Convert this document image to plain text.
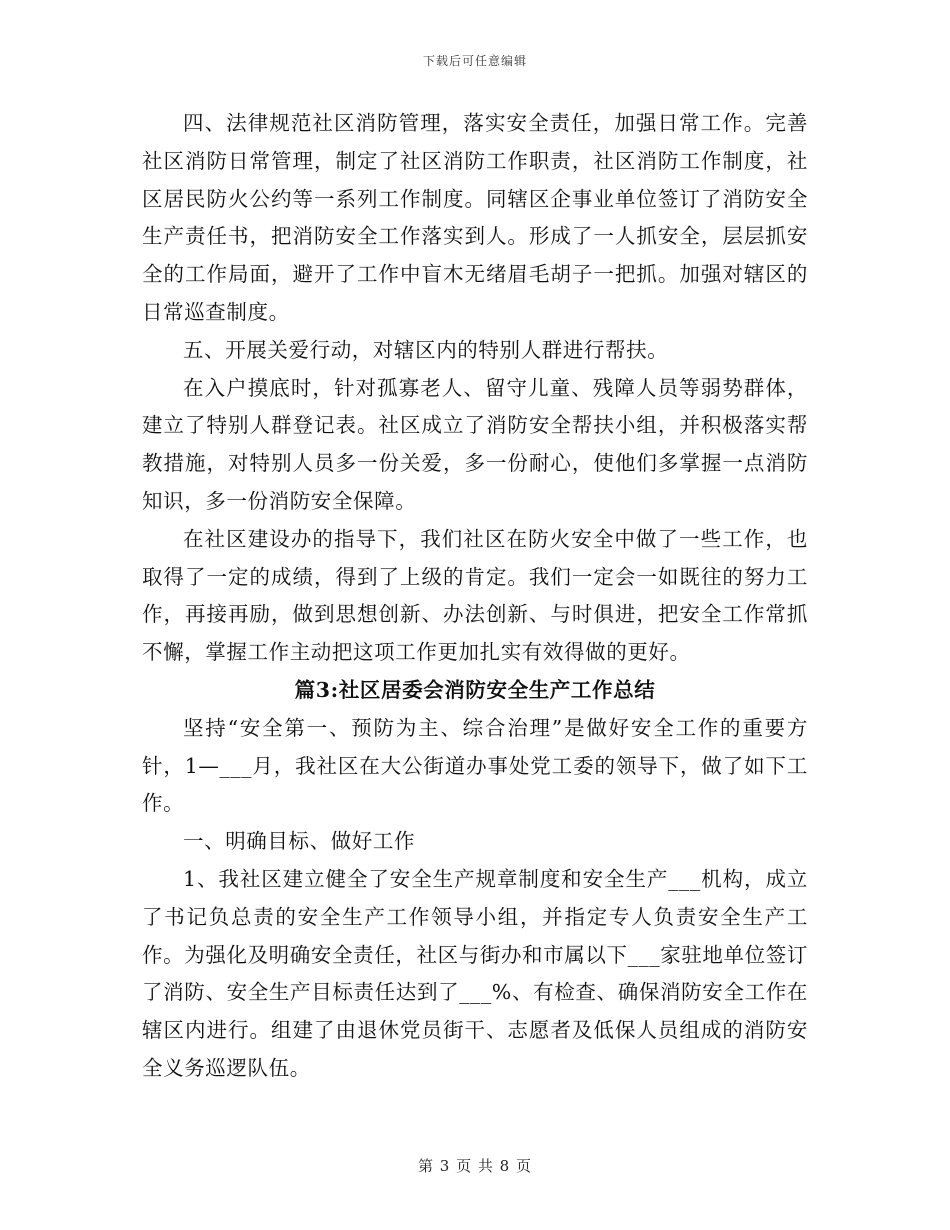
下载后可任意编辑

四、法律规范社区消防管理，落实安全责任，加强日常工作。完善社区消防日常管理，制定了社区消防工作职责，社区消防工作制度，社区居民防火公约等一系列工作制度。同辖区企事业单位签订了消防安全生产责任书，把消防安全工作落实到人。形成了一人抓安全，层层抓安全的工作局面，避开了工作中盲木无绪眉毛胡子一把抓。加强对辖区的日常巡查制度。

五、开展关爱行动，对辖区内的特别人群进行帮扶。

在入户摸底时，针对孤寡老人、留守儿童、残障人员等弱势群体，建立了特别人群登记表。社区成立了消防安全帮扶小组，并积极落实帮教措施，对特别人员多一份关爱，多一份耐心，使他们多掌握一点消防知识，多一份消防安全保障。

在社区建设办的指导下，我们社区在防火安全中做了一些工作，也取得了一定的成绩，得到了上级的肯定。我们一定会一如既往的努力工作，再接再励，做到思想创新、办法创新、与时俱进，把安全工作常抓不懈，掌握工作主动把这项工作更加扎实有效得做的更好。

篇3:社区居委会消防安全生产工作总结

坚持“安全第一、预防为主、综合治理”是做好安全工作的重要方针，1—___月，我社区在大公街道办事处党工委的领导下，做了如下工作。

一、明确目标、做好工作

1、我社区建立健全了安全生产规章制度和安全生产___机构，成立了书记负总责的安全生产工作领导小组，并指定专人负责安全生产工作。为强化及明确安全责任，社区与街办和市属以下___家驻地单位签订了消防、安全生产目标责任达到了___%、有检查、确保消防安全工作在辖区内进行。组建了由退休党员街干、志愿者及低保人员组成的消防安全义务巡逻队伍。

第 3 页 共 8 页
